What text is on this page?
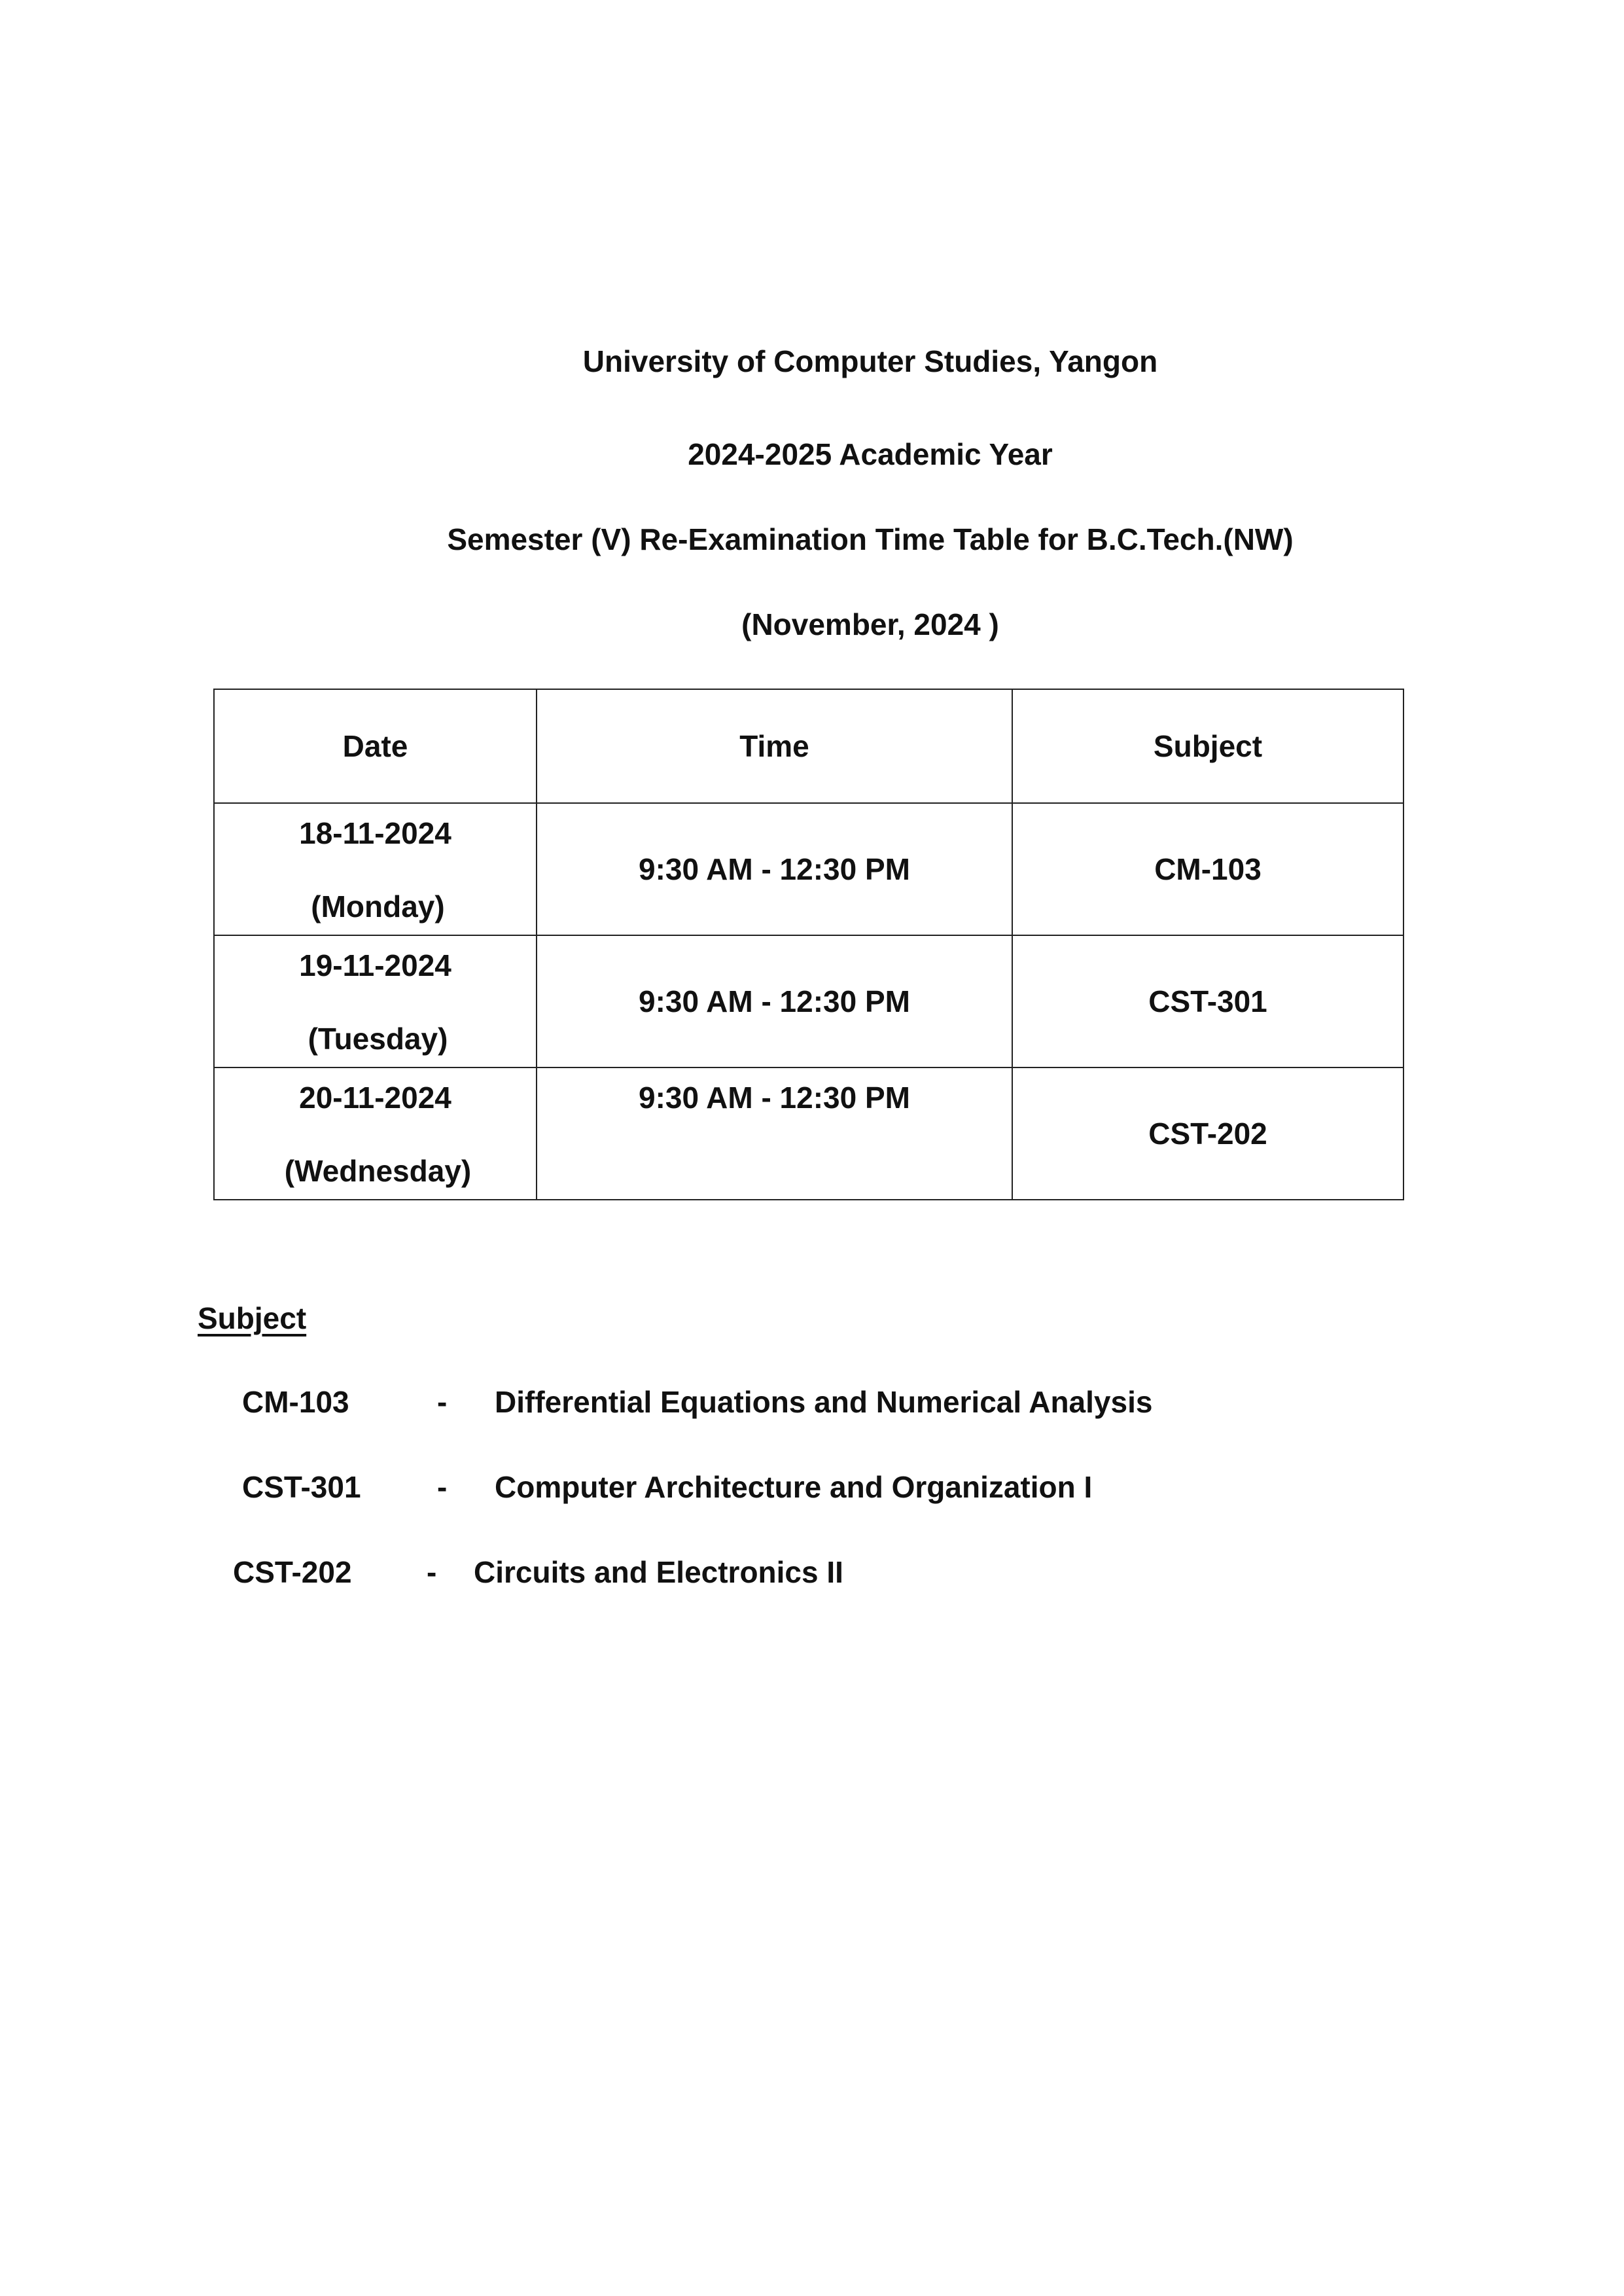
University of Computer Studies, Yangon
2024-2025 Academic Year
Semester (V) Re-Examination Time Table for B.C.Tech.(NW)
(November, 2024 )
Date	Time	Subject

18-11-2024
(Monday)	9:30 AM - 12:30 PM	CM-103

19-11-2024
(Tuesday)	9:30 AM - 12:30 PM	CST-301

20-11-2024
(Wednesday)	9:30 AM - 12:30 PM	CST-202
Subject
CM-103	- Differential Equations and Numerical Analysis
CST-301	- Computer Architecture and Organization I
CST-202 - Circuits and Electronics II
